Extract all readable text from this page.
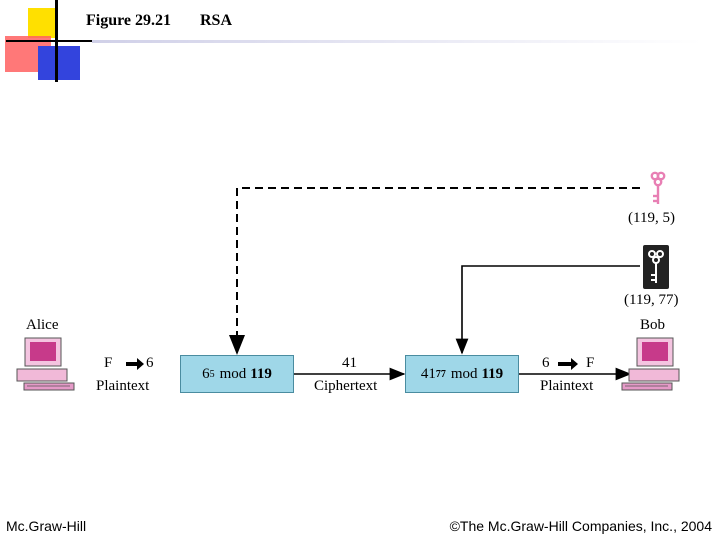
Figure 29.21 RSA
(119, 5)
(119, 77)
Alice	Bob
F 6
Plaintext
41
Ciphertext
6 F
Plaintext
6 5 mod 119	41 77 mod 119
Mc.Graw-Hill	©The Mc.Graw-Hill Companies, Inc., 2004
